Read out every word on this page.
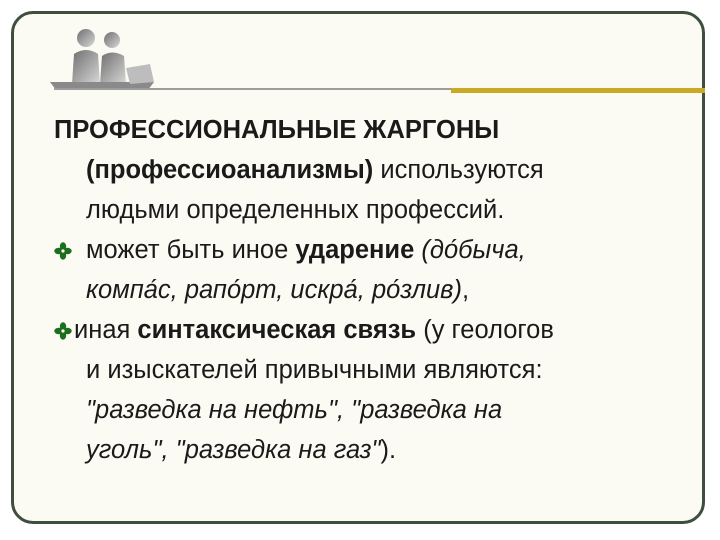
ПРОФЕССИОНАЛЬНЫЕ ЖАРГОНЫ
(профессиоанализмы) используются
людьми определенных профессий.

может быть иное ударение (до́быча,
компа́с, рапо́рт, искра́, ро́злив),

иная синтаксическая связь (у геологов
и изыскателей привычными являются:
"разведка на нефть", "разведка на
уголь", "разведка на газ").
